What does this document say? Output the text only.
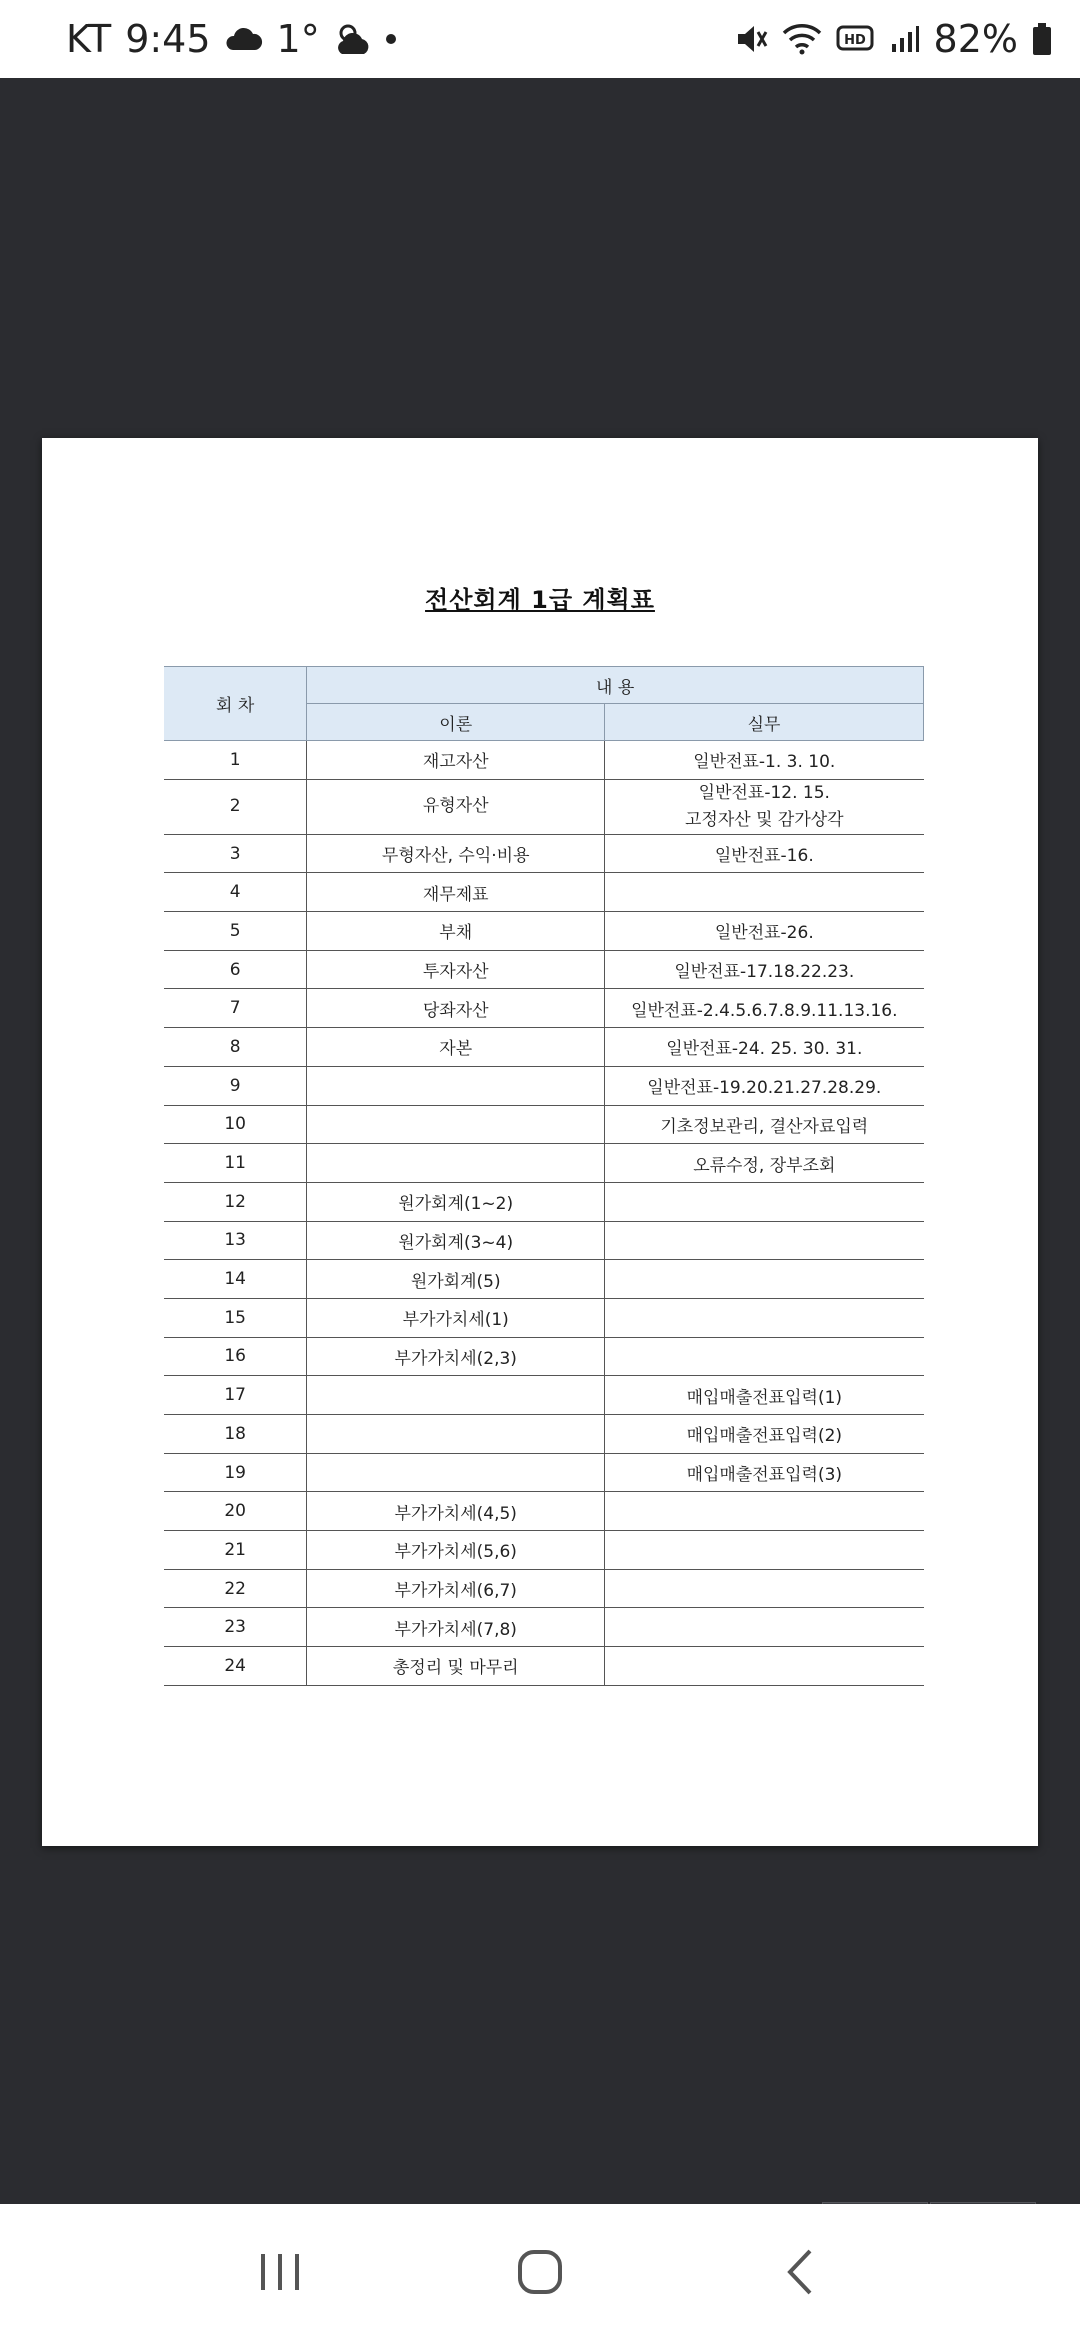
KT 9:45 1°	HD 82%
전산회계 1급 계획표
회 차	내 용	
	이론	실무
1	재고자산	일반전표-1. 3. 10.
2	유형자산	일반전표-12. 15.
고정자산 및 감가상각

3	무형자산, 수익·비용	일반전표-16.
4	재무제표	
5	부채	일반전표-26.
6	투자자산	일반전표-17.18.22.23.
7	당좌자산	일반전표-2.4.5.6.7.8.9.11.13.16.
8	자본	일반전표-24. 25. 30. 31.
9		일반전표-19.20.21.27.28.29.
10		기초정보관리, 결산자료입력
11		오류수정, 장부조회
12	원가회계(1~2)	
13	원가회계(3~4)	
14	원가회계(5)	
15	부가가치세(1)	
16	부가가치세(2,3)	
17		매입매출전표입력(1)
18		매입매출전표입력(2)
19		매입매출전표입력(3)
20	부가가치세(4,5)	
21	부가가치세(5,6)	
22	부가가치세(6,7)	
23	부가가치세(7,8)	
24	총정리 및 마무리	
